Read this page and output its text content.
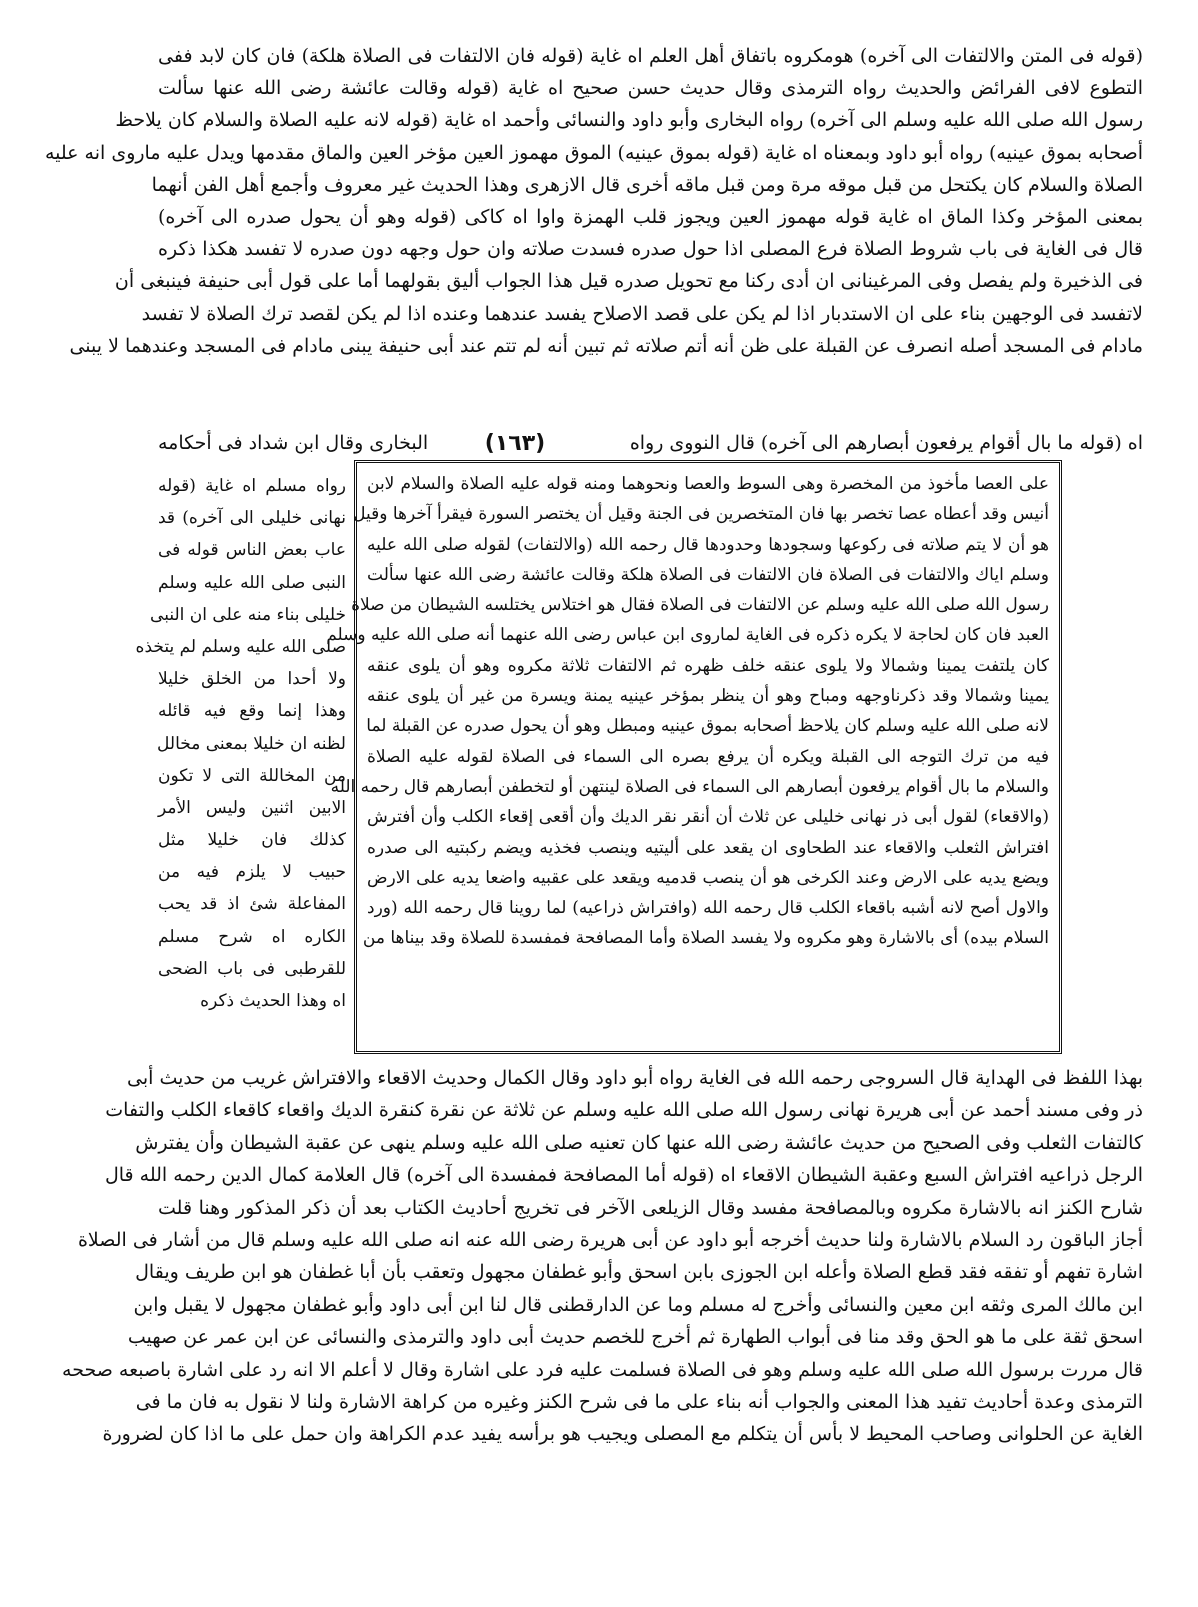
(قوله فى المتن والالتفات الى آخره) هومكروه باتفاق أهل العلم اه غاية (قوله فان الالتفات فى الصلاة هلكة) فان كان لابد ففى
التطوع لافى الفرائض والحديث رواه الترمذى وقال حديث حسن صحيح اه غاية (قوله وقالت عائشة رضى الله عنها سألت
رسول الله صلى الله عليه وسلم الى آخره) رواه البخارى وأبو داود والنسائى وأحمد اه غاية (قوله لانه عليه الصلاة والسلام كان يلاحظ
أصحابه بموق عينيه) رواه أبو داود وبمعناه اه غاية (قوله بموق عينيه) الموق مهموز العين مؤخر العين والماق مقدمها ويدل عليه ماروى انه عليه
الصلاة والسلام كان يكتحل من قبل موقه مرة ومن قبل ماقه أخرى قال الازهرى وهذا الحديث غير معروف وأجمع أهل الفن أنهما
بمعنى المؤخر وكذا الماق اه غاية قوله مهموز العين ويجوز قلب الهمزة واوا اه كاكى (قوله وهو أن يحول صدره الى آخره)
قال فى الغاية فى باب شروط الصلاة فرع المصلى اذا حول صدره فسدت صلاته وان حول وجهه دون صدره لا تفسد هكذا ذكره
فى الذخيرة ولم يفصل وفى المرغينانى ان أدى ركنا مع تحويل صدره قيل هذا الجواب أليق بقولهما أما على قول أبى حنيفة فينبغى أن
لاتفسد فى الوجهين بناء على ان الاستدبار اذا لم يكن على قصد الاصلاح يفسد عندهما وعنده اذا لم يكن لقصد ترك الصلاة لا تفسد
مادام فى المسجد أصله انصرف عن القبلة على ظن أنه أتم صلاته ثم تبين أنه لم تتم عند أبى حنيفة يبنى مادام فى المسجد وعندهما لا يبنى
اه (قوله ما بال أقوام يرفعون أبصارهم الى آخره) قال النووى رواه
البخارى وقال ابن شداد فى أحكامه	(١٦٣)
رواه مسلم اه غاية (قوله
نهانى خليلى الى آخره) قد
عاب بعض الناس قوله فى
النبى صلى الله عليه وسلم
خليلى بناء منه على ان النبى
صلى الله عليه وسلم لم يتخذه
ولا أحدا من الخلق خليلا
وهذا إنما وقع فيه قائله
لظنه ان خليلا بمعنى مخالل
من المخاللة التى لا تكون
الابين اثنين وليس الأمر
كذلك فان خليلا مثل
حبيب لا يلزم فيه من
المفاعلة شئ اذ قد يحب
الكاره اه شرح مسلم
للقرطبى فى باب الضحى
اه وهذا الحديث ذكره
على العصا مأخوذ من المخصرة وهى السوط والعصا ونحوهما ومنه قوله عليه الصلاة والسلام لابن
أنيس وقد أعطاه عصا تخصر بها فان المتخصرين فى الجنة وقيل أن يختصر السورة فيقرأ آخرها وقيل
هو أن لا يتم صلاته فى ركوعها وسجودها وحدودها قال رحمه الله (والالتفات) لقوله صلى الله عليه
وسلم اياك والالتفات فى الصلاة فان الالتفات فى الصلاة هلكة وقالت عائشة رضى الله عنها سألت
رسول الله صلى الله عليه وسلم عن الالتفات فى الصلاة فقال هو اختلاس يختلسه الشيطان من صلاة
العبد فان كان لحاجة لا يكره ذكره فى الغاية لماروى ابن عباس رضى الله عنهما أنه صلى الله عليه وسلم
كان يلتفت يمينا وشمالا ولا يلوى عنقه خلف ظهره ثم الالتفات ثلاثة مكروه وهو أن يلوى عنقه
يمينا وشمالا وقد ذكرناوجهه ومباح وهو أن ينظر بمؤخر عينيه يمنة ويسرة من غير أن يلوى عنقه
لانه صلى الله عليه وسلم كان يلاحظ أصحابه بموق عينيه ومبطل وهو أن يحول صدره عن القبلة لما
فيه من ترك التوجه الى القبلة ويكره أن يرفع بصره الى السماء فى الصلاة لقوله عليه الصلاة
والسلام ما بال أقوام يرفعون أبصارهم الى السماء فى الصلاة لينتهن أو لتخطفن أبصارهم قال رحمه الله
(والاقعاء) لقول أبى ذر نهانى خليلى عن ثلاث أن أنقر نقر الديك وأن أقعى إقعاء الكلب وأن أفترش
افتراش الثعلب والاقعاء عند الطحاوى ان يقعد على أليتيه وينصب فخذيه ويضم ركبتيه الى صدره
ويضع يديه على الارض وعند الكرخى هو أن ينصب قدميه ويقعد على عقبيه واضعا يديه على الارض
والاول أصح لانه أشبه باقعاء الكلب قال رحمه الله (وافتراش ذراعيه) لما روينا قال رحمه الله (ورد
السلام بيده) أى بالاشارة وهو مكروه ولا يفسد الصلاة وأما المصافحة فمفسدة للصلاة وقد بيناها من
بهذا اللفظ فى الهداية قال السروجى رحمه الله فى الغاية رواه أبو داود وقال الكمال وحديث الاقعاء والافتراش غريب من حديث أبى
ذر وفى مسند أحمد عن أبى هريرة نهانى رسول الله صلى الله عليه وسلم عن ثلاثة عن نقرة كنقرة الديك واقعاء كاقعاء الكلب والتفات
كالتفات الثعلب وفى الصحيح من حديث عائشة رضى الله عنها كان تعنيه صلى الله عليه وسلم ينهى عن عقبة الشيطان وأن يفترش
الرجل ذراعيه افتراش السبع وعقبة الشيطان الاقعاء اه (قوله أما المصافحة فمفسدة الى آخره) قال العلامة كمال الدين رحمه الله قال
شارح الكنز انه بالاشارة مكروه وبالمصافحة مفسد وقال الزيلعى الآخر فى تخريج أحاديث الكتاب بعد أن ذكر المذكور وهنا قلت
أجاز الباقون رد السلام بالاشارة ولنا حديث أخرجه أبو داود عن أبى هريرة رضى الله عنه انه صلى الله عليه وسلم قال من أشار فى الصلاة
اشارة تفهم أو تفقه فقد قطع الصلاة وأعله ابن الجوزى بابن اسحق وأبو غطفان مجهول وتعقب بأن أبا غطفان هو ابن طريف ويقال
ابن مالك المرى وثقه ابن معين والنسائى وأخرج له مسلم وما عن الدارقطنى قال لنا ابن أبى داود وأبو غطفان مجهول لا يقبل وابن
اسحق ثقة على ما هو الحق وقد منا فى أبواب الطهارة ثم أخرج للخصم حديث أبى داود والترمذى والنسائى عن ابن عمر عن صهيب
قال مررت برسول الله صلى الله عليه وسلم وهو فى الصلاة فسلمت عليه فرد على اشارة وقال لا أعلم الا انه رد على اشارة باصبعه صححه
الترمذى وعدة أحاديث تفيد هذا المعنى والجواب أنه بناء على ما فى شرح الكنز وغيره من كراهة الاشارة ولنا لا نقول به فان ما فى
الغاية عن الحلوانى وصاحب المحيط لا بأس أن يتكلم مع المصلى ويجيب هو برأسه يفيد عدم الكراهة وان حمل على ما اذا كان لضرورة
